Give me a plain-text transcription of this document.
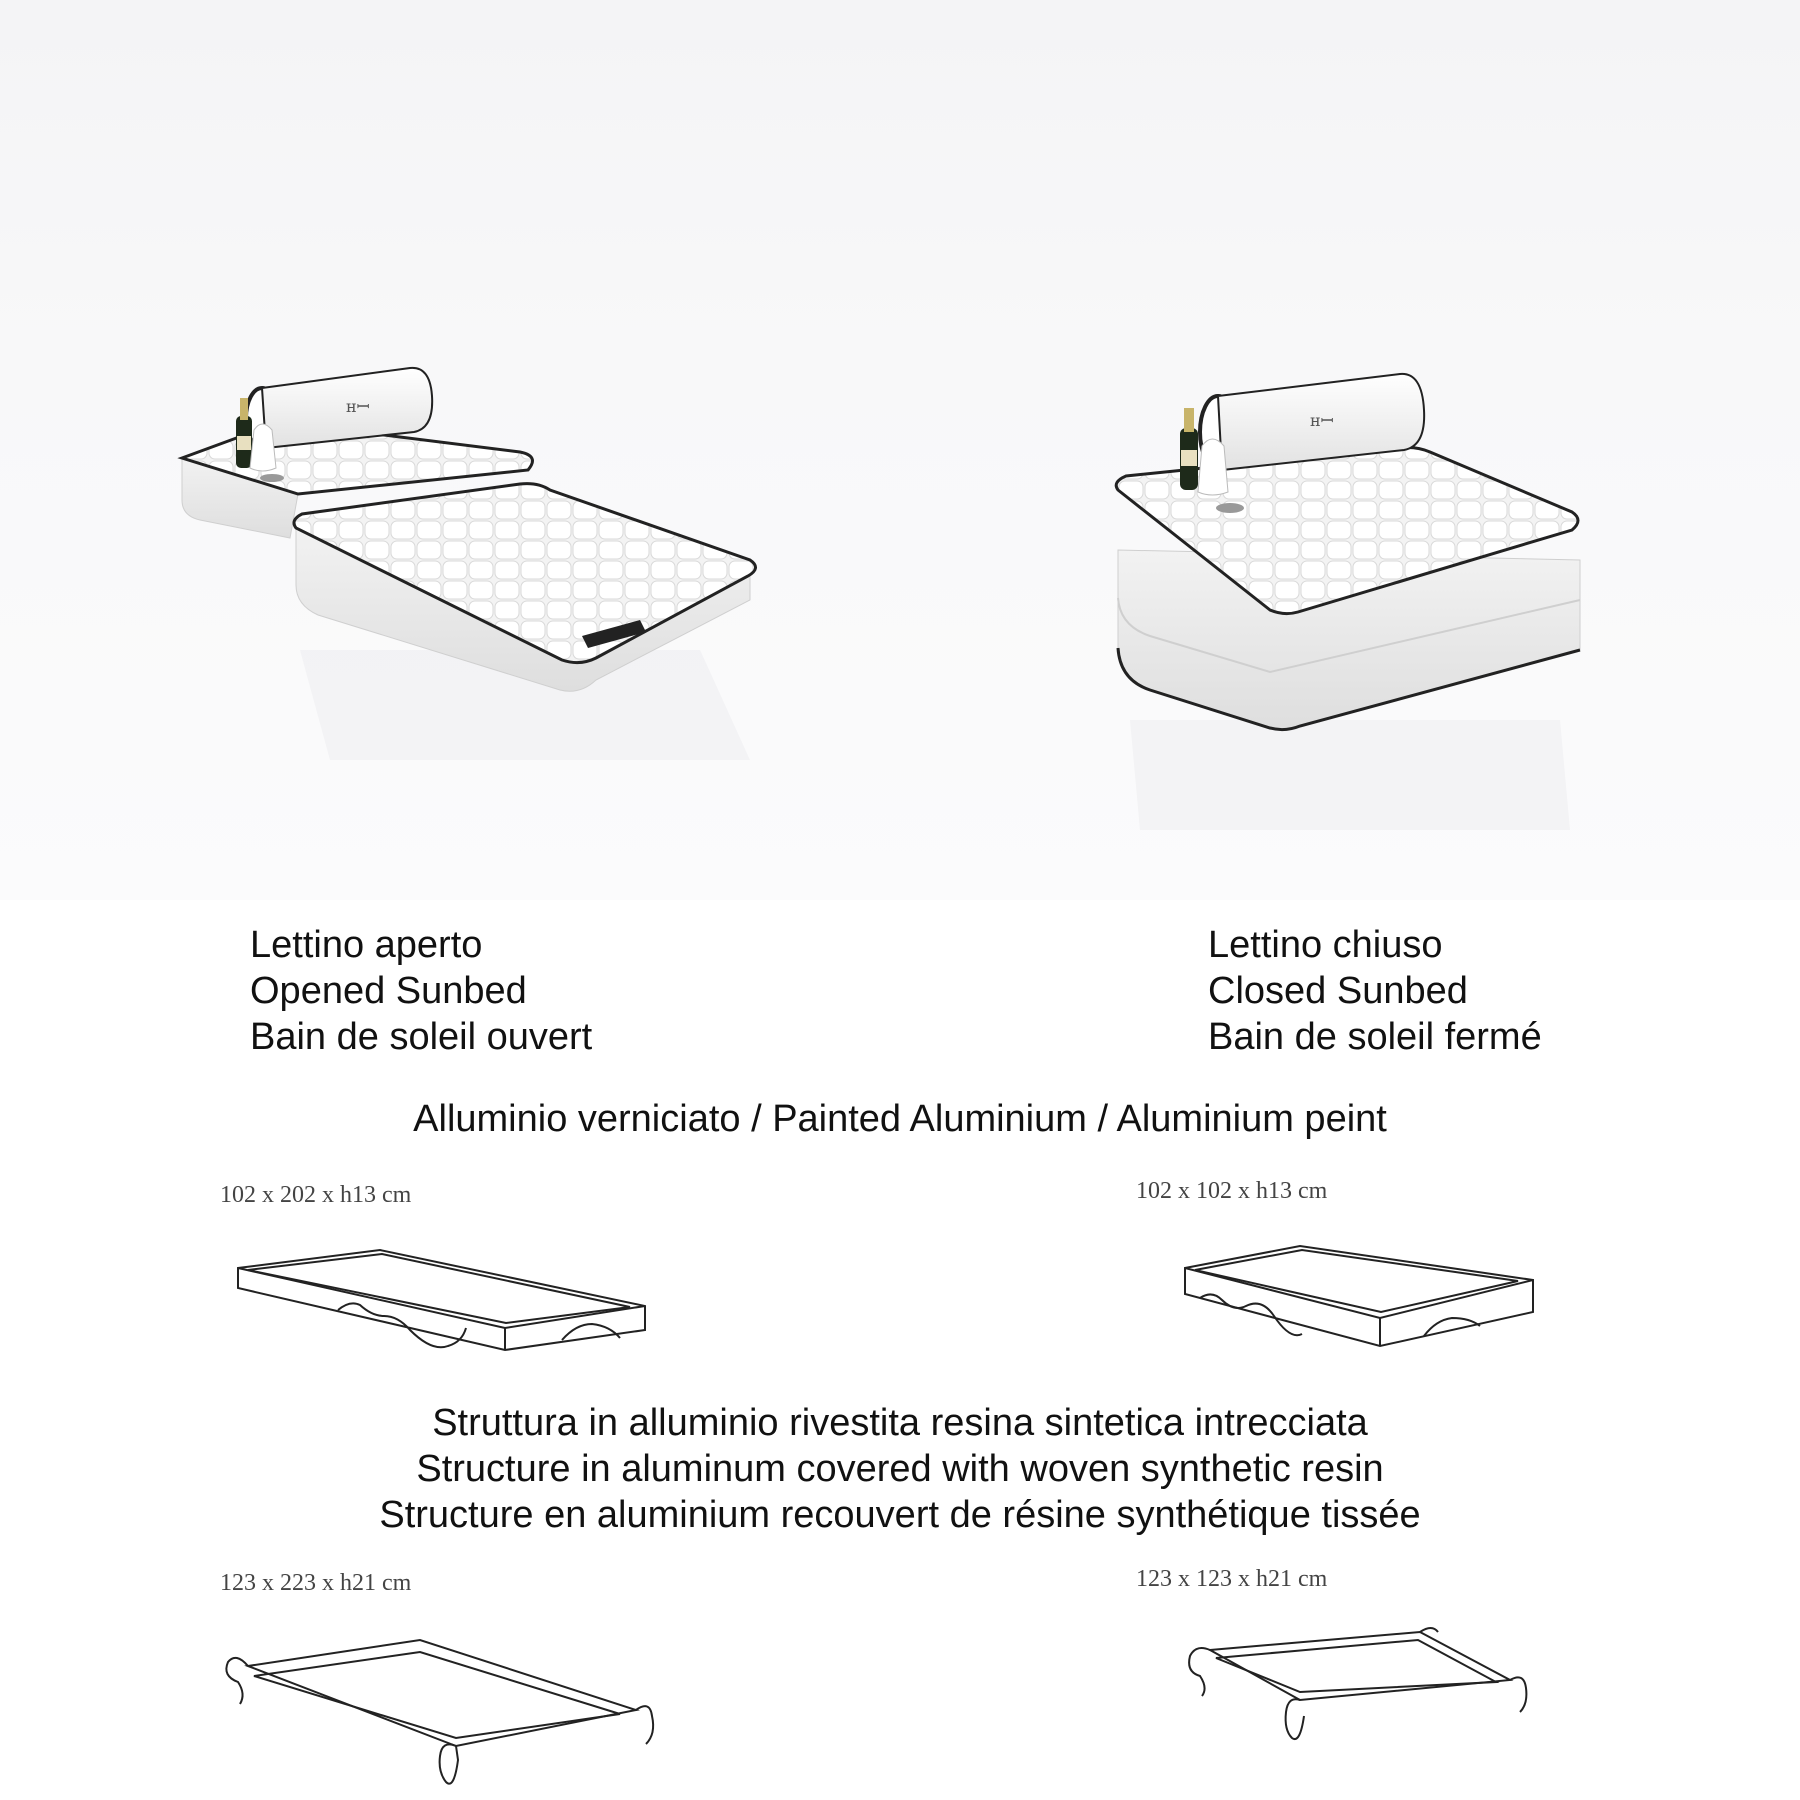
ʜꟷ
ʜꟷ
Lettino aperto
Opened Sunbed
Bain de soleil ouvert
Lettino chiuso
Closed Sunbed
Bain de soleil fermé
Alluminio verniciato / Painted Aluminium / Aluminium peint
102 x 202 x h13 cm	102 x 102 x h13 cm
Struttura in alluminio rivestita resina sintetica intrecciata
Structure in aluminum covered with woven synthetic resin
Structure en aluminium recouvert de résine synthétique tissée
123 x 223 x h21 cm	123 x 123 x h21 cm
